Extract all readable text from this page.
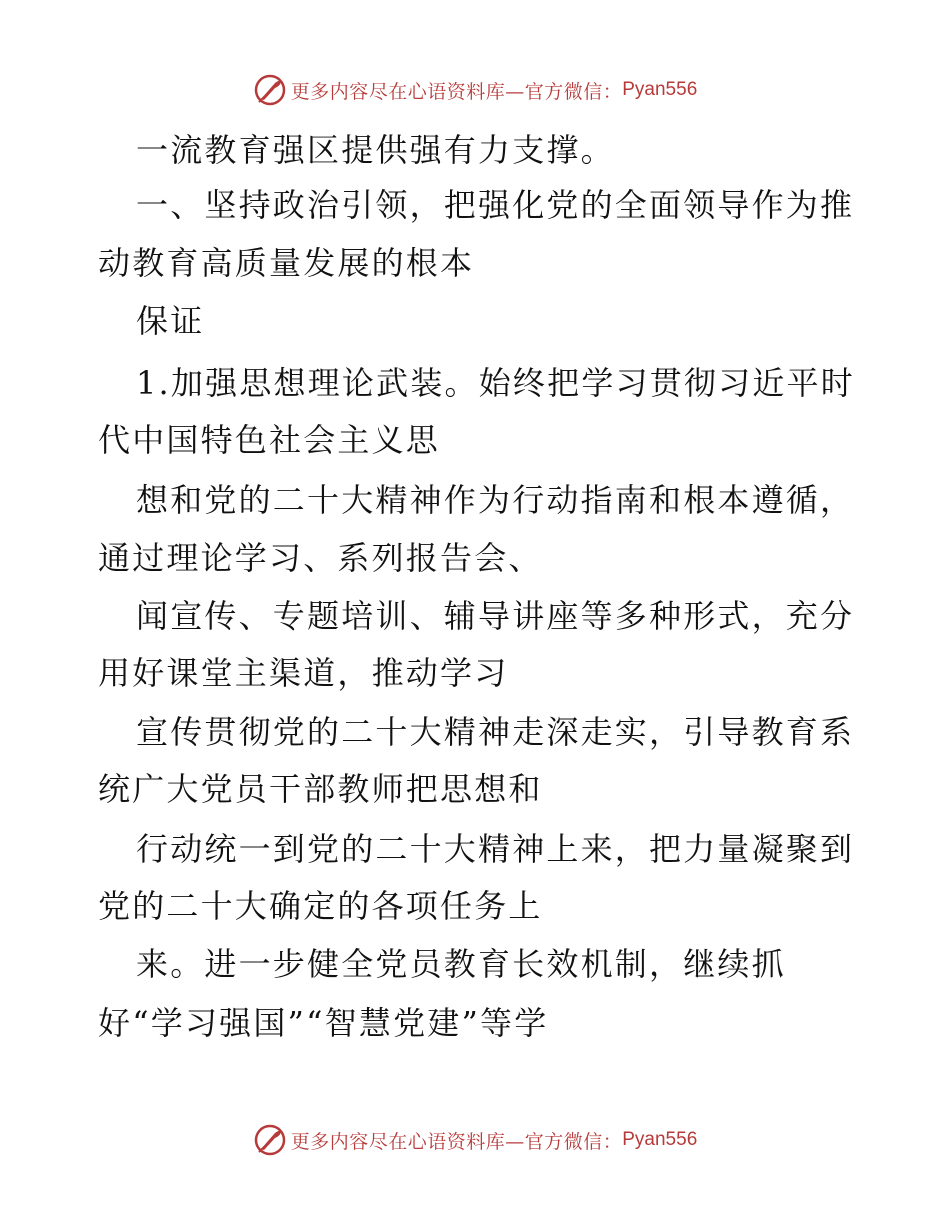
更多内容尽在心语资料库—官方微信： Pyan556
一流教育强区提供强有力支撑。
一、坚持政治引领，把强化党的全面领导作为推
动教育高质量发展的根本
保证
1.加强思想理论武装。始终把学习贯彻习近平时
代中国特色社会主义思
想和党的二十大精神作为行动指南和根本遵循，
通过理论学习、系列报告会、
闻宣传、专题培训、辅导讲座等多种形式，充分
用好课堂主渠道，推动学习
宣传贯彻党的二十大精神走深走实，引导教育系
统广大党员干部教师把思想和
行动统一到党的二十大精神上来，把力量凝聚到
党的二十大确定的各项任务上
来。进一步健全党员教育长效机制，继续抓
好“学习强国”“智慧党建”等学
更多内容尽在心语资料库—官方微信： Pyan556
